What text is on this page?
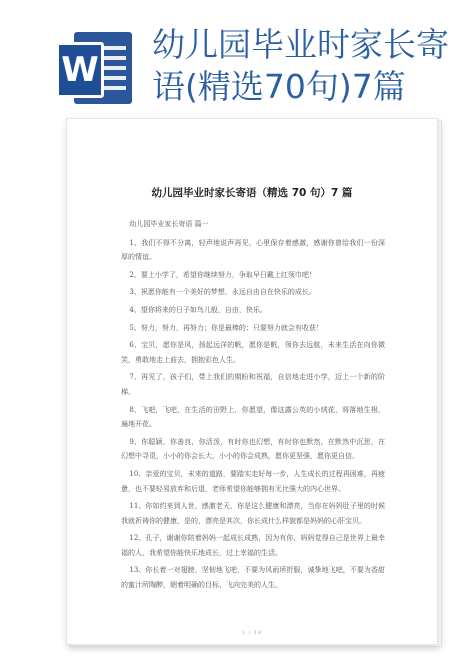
W
幼儿园毕业时家长寄语(精选70句)7篇
幼儿园毕业时家长寄语（精选 70 句）7 篇

幼儿园毕业家长寄语 篇一

1、我们不得不分离，轻声地说声再见，心里保存着感激，感谢你曾给我们一份深厚的情谊。

2、要上小学了，希望你继续努力，争取早日戴上红领巾吧！

3、祝愿你能有一个美好的梦想，永远自由自在快乐的成长。

4、望你将来的日子如鸟儿般，自由，快乐。

5、努力，努力，再努力；你是最棒的；只要努力就会有收获！

6、宝贝，愿你是风，扬起远洋的帆，愿你是帆，领你去远航，未来生活在向你微笑，勇敢地走上前去，拥抱彩色人生。

7、再见了，孩子们，带上我们的期盼和祝福，自信地走进小学，迈上一个新的阶梯。

8、飞吧，飞吧，在生活的田野上，你愿望，像这露公英的小绒花，将落地生根，遍地开花。

9、你聪颖，你善良，你活泼，有时你也幻想，有时你也默然，在默然中沉思，在幻想中寻觅，小小的你会长大，小小的你会成熟，愿你更坚强，愿你更自信。

10、亲爱的宝贝，未来的道路，要踏实走好每一步，人生成长的过程再困难，再疲惫，也不要轻易放弃和后退，老师希望你能够拥有无比强大的内心世界。

11、你如约来到人世，感激老天，你是这么健康和漂亮，当你在妈妈肚子里的时候我就祈祷你的健康，是的，漂亮是其次，你长成什么样貌都是妈妈的心肝宝贝。

12、孔子，谢谢你陪着妈妈一起成长成熟，因为有你，妈妈觉得自己是世界上最幸福的人，我希望你能快乐地成长，过上幸福的生活。

13、你长着一对翅膀，坚韧地飞吧，不要为风雨所折服，诚挚地飞吧，不要为香甜的蜜汁所陶醉，朝着明确的目标，飞向完美的人生。

1 / 18
